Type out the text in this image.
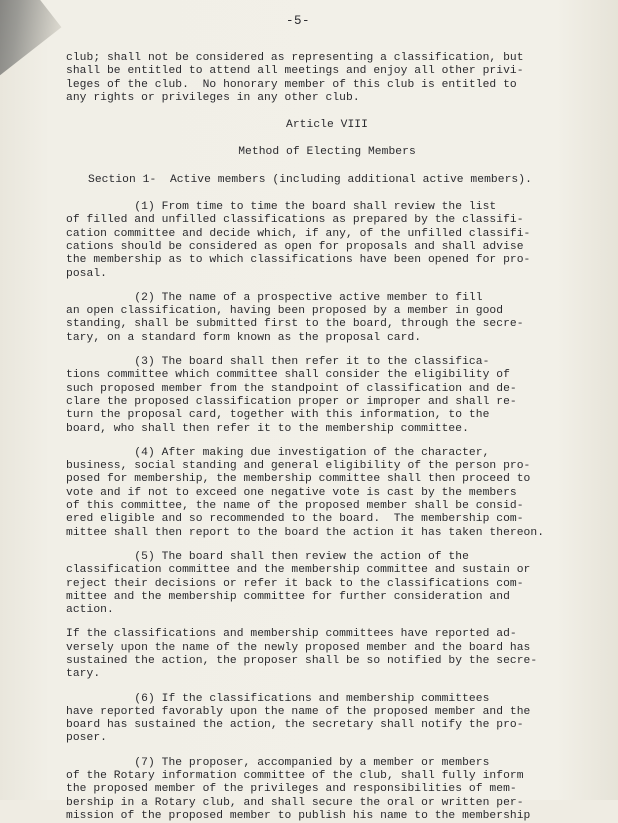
-5-
club; shall not be considered as representing a classification, but
shall be entitled to attend all meetings and enjoy all other privi-
leges of the club.  No honorary member of this club is entitled to
any rights or privileges in any other club.
Article VIII
Method of Electing Members
Section 1-  Active members (including additional active members).
(1) From time to time the board shall review the list
of filled and unfilled classifications as prepared by the classifi-
cation committee and decide which, if any, of the unfilled classifi-
cations should be considered as open for proposals and shall advise
the membership as to which classifications have been opened for pro-
posal.
(2) The name of a prospective active member to fill
an open classification, having been proposed by a member in good
standing, shall be submitted first to the board, through the secre-
tary, on a standard form known as the proposal card.
(3) The board shall then refer it to the classifica-
tions committee which committee shall consider the eligibility of
such proposed member from the standpoint of classification and de-
clare the proposed classification proper or improper and shall re-
turn the proposal card, together with this information, to the
board, who shall then refer it to the membership committee.
(4) After making due investigation of the character,
business, social standing and general eligibility of the person pro-
posed for membership, the membership committee shall then proceed to
vote and if not to exceed one negative vote is cast by the members
of this committee, the name of the proposed member shall be consid-
ered eligible and so recommended to the board.  The membership com-
mittee shall then report to the board the action it has taken thereon.
(5) The board shall then review the action of the
classification committee and the membership committee and sustain or
reject their decisions or refer it back to the classifications com-
mittee and the membership committee for further consideration and
action.
If the classifications and membership committees have reported ad-
versely upon the name of the newly proposed member and the board has
sustained the action, the proposer shall be so notified by the secre-
tary.
(6) If the classifications and membership committees
have reported favorably upon the name of the proposed member and the
board has sustained the action, the secretary shall notify the pro-
poser.
(7) The proposer, accompanied by a member or members
of the Rotary information committee of the club, shall fully inform
the proposed member of the privileges and responsibilities of mem-
bership in a Rotary club, and shall secure the oral or written per-
mission of the proposed member to publish his name to the membership
